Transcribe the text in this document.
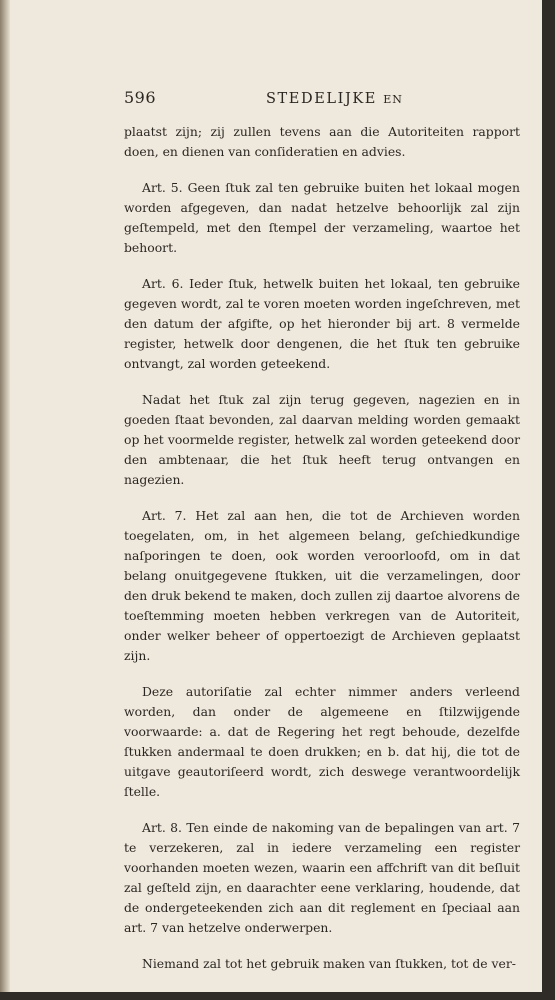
596	STEDELIJKE EN

plaatst zijn; zij zullen tevens aan die Autoriteiten rapport doen, en dienen van conſideratien en advies.

Art. 5. Geen ſtuk zal ten gebruike buiten het lokaal mogen worden afgegeven, dan nadat hetzelve behoorlijk zal zijn geſtempeld, met den ſtempel der verzameling, waartoe het behoort.

Art. 6. Ieder ſtuk, hetwelk buiten het lokaal, ten gebruike gegeven wordt, zal te voren moeten worden ingeſchreven, met den datum der afgifte, op het hieronder bij art. 8 vermelde register, hetwelk door dengenen, die het ſtuk ten gebruike ontvangt, zal worden geteekend.

Nadat het ſtuk zal zijn terug gegeven, nagezien en in goeden ſtaat bevonden, zal daarvan melding worden gemaakt op het voormelde register, hetwelk zal worden geteekend door den ambtenaar, die het ſtuk heeft terug ontvangen en nagezien.

Art. 7. Het zal aan hen, die tot de Archieven worden toegelaten, om, in het algemeen belang, geſchiedkundige naſporingen te doen, ook worden veroorloofd, om in dat belang onuitgegevene ſtukken, uit die verzamelingen, door den druk bekend te maken, doch zullen zij daartoe alvorens de toeſtemming moeten hebben verkregen van de Autoriteit, onder welker beheer of oppertoezigt de Archieven geplaatst zijn.

Deze autoriſatie zal echter nimmer anders verleend worden, dan onder de algemeene en ſtilzwijgende voorwaarde: a. dat de Regering het regt behoude, dezelfde ſtukken andermaal te doen drukken; en b. dat hij, die tot de uitgave geautoriſeerd wordt, zich deswege verantwoordelijk ſtelle.

Art. 8. Ten einde de nakoming van de bepalingen van art. 7 te verzekeren, zal in iedere verzameling een register voorhanden moeten wezen, waarin een affchrift van dit beſluit zal geſteld zijn, en daarachter eene verklaring, houdende, dat de ondergeteekenden zich aan dit reglement en ſpeciaal aan art. 7 van hetzelve onderwerpen.

Niemand zal tot het gebruik maken van ſtukken, tot de ver-
